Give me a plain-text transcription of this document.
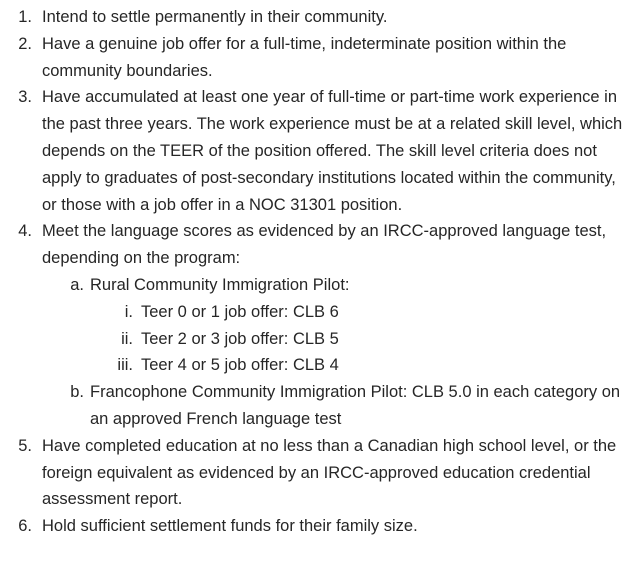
1. Intend to settle permanently in their community.
2. Have a genuine job offer for a full-time, indeterminate position within the community boundaries.
3. Have accumulated at least one year of full-time or part-time work experience in the past three years. The work experience must be at a related skill level, which depends on the TEER of the position offered. The skill level criteria does not apply to graduates of post-secondary institutions located within the community, or those with a job offer in a NOC 31301 position.
4. Meet the language scores as evidenced by an IRCC-approved language test, depending on the program:
a. Rural Community Immigration Pilot:
i. Teer 0 or 1 job offer: CLB 6
ii. Teer 2 or 3 job offer: CLB 5
iii. Teer 4 or 5 job offer: CLB 4
b. Francophone Community Immigration Pilot: CLB 5.0 in each category on an approved French language test
5. Have completed education at no less than a Canadian high school level, or the foreign equivalent as evidenced by an IRCC-approved education credential assessment report.
6. Hold sufficient settlement funds for their family size.
